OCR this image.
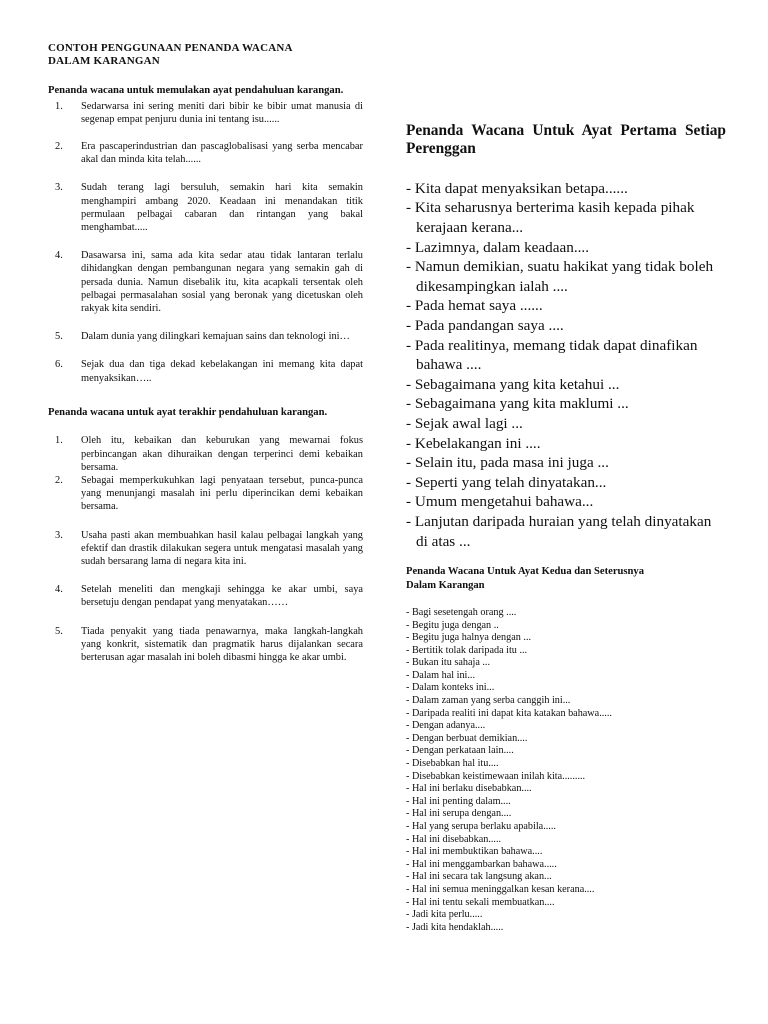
CONTOH PENGGUNAAN PENANDA WACANA
DALAM KARANGAN
Penanda wacana untuk memulakan ayat pendahuluan karangan.
1. Sedarwarsa ini sering meniti dari bibir ke bibir umat manusia di segenap empat penjuru dunia ini tentang isu......
2. Era pascaperindustrian dan pascaglobalisasi yang serba mencabar akal dan minda kita telah......
3. Sudah terang lagi bersuluh, semakin hari kita semakin menghampiri ambang 2020. Keadaan ini menandakan titik permulaan pelbagai cabaran dan rintangan yang bakal menghambat.....
4. Dasawarsa ini, sama ada kita sedar atau tidak lantaran terlalu dihidangkan dengan pembangunan negara yang semakin gah di persada dunia. Namun disebalik itu, kita acapkali tersentak oleh pelbagai permasalahan sosial yang beronak yang dicetuskan oleh rakyak kita sendiri.
5. Dalam dunia yang dilingkari kemajuan sains dan teknologi ini…
6. Sejak dua dan tiga dekad kebelakangan ini memang kita dapat menyaksikan…..
Penanda wacana untuk ayat terakhir pendahuluan karangan.
1. Oleh itu, kebaikan dan keburukan yang mewarnai fokus perbincangan akan dihuraikan dengan terperinci demi kebaikan bersama.
2. Sebagai memperkukuhkan lagi penyataan tersebut, punca-punca yang menunjangi masalah ini perlu diperincikan demi kebaikan bersama.
3. Usaha pasti akan membuahkan hasil kalau pelbagai langkah yang efektif dan drastik dilakukan segera untuk mengatasi masalah yang sudah bersarang lama di negara kita ini.
4. Setelah meneliti dan mengkaji sehingga ke akar umbi, saya bersetuju dengan pendapat yang menyatakan……
5. Tiada penyakit yang tiada penawarnya, maka langkah-langkah yang konkrit, sistematik dan pragmatik harus dijalankan secara berterusan agar masalah ini boleh dibasmi hingga ke akar umbi.
Penanda Wacana Untuk Ayat Pertama Setiap Perenggan
- Kita dapat menyaksikan betapa......
- Kita seharusnya berterima kasih kepada pihak kerajaan kerana...
- Lazimnya, dalam keadaan....
- Namun demikian, suatu hakikat yang tidak boleh dikesampingkan ialah ....
- Pada hemat saya ......
- Pada pandangan saya ....
- Pada realitinya, memang tidak dapat dinafikan bahawa ....
- Sebagaimana yang kita ketahui ...
- Sebagaimana yang kita maklumi ...
- Sejak awal lagi ...
- Kebelakangan ini ....
- Selain itu, pada masa ini juga ...
- Seperti yang telah dinyatakan...
- Umum mengetahui bahawa...
- Lanjutan daripada huraian yang telah dinyatakan di atas ...
Penanda Wacana Untuk Ayat Kedua dan Seterusnya
Dalam Karangan
- Bagi sesetengah orang ....
- Begitu juga dengan ..
- Begitu juga halnya dengan ...
- Bertitik tolak daripada itu ...
- Bukan itu sahaja ...
- Dalam hal ini...
- Dalam konteks ini...
- Dalam zaman yang serba canggih ini...
- Daripada realiti ini dapat kita katakan bahawa.....
- Dengan adanya....
- Dengan berbuat demikian....
- Dengan perkataan lain....
- Disebabkan hal itu....
- Disebabkan keistimewaan inilah kita.........
- Hal ini berlaku disebabkan....
- Hal ini penting dalam....
- Hal ini serupa dengan....
- Hal yang serupa berlaku apabila.....
- Hal ini disebabkan.....
- Hal ini membuktikan bahawa....
- Hal ini menggambarkan bahawa.....
- Hal ini secara tak langsung akan...
- Hal ini semua meninggalkan kesan kerana....
- Hal ini tentu sekali membuatkan....
- Jadi kita perlu.....
- Jadi kita hendaklah.....
